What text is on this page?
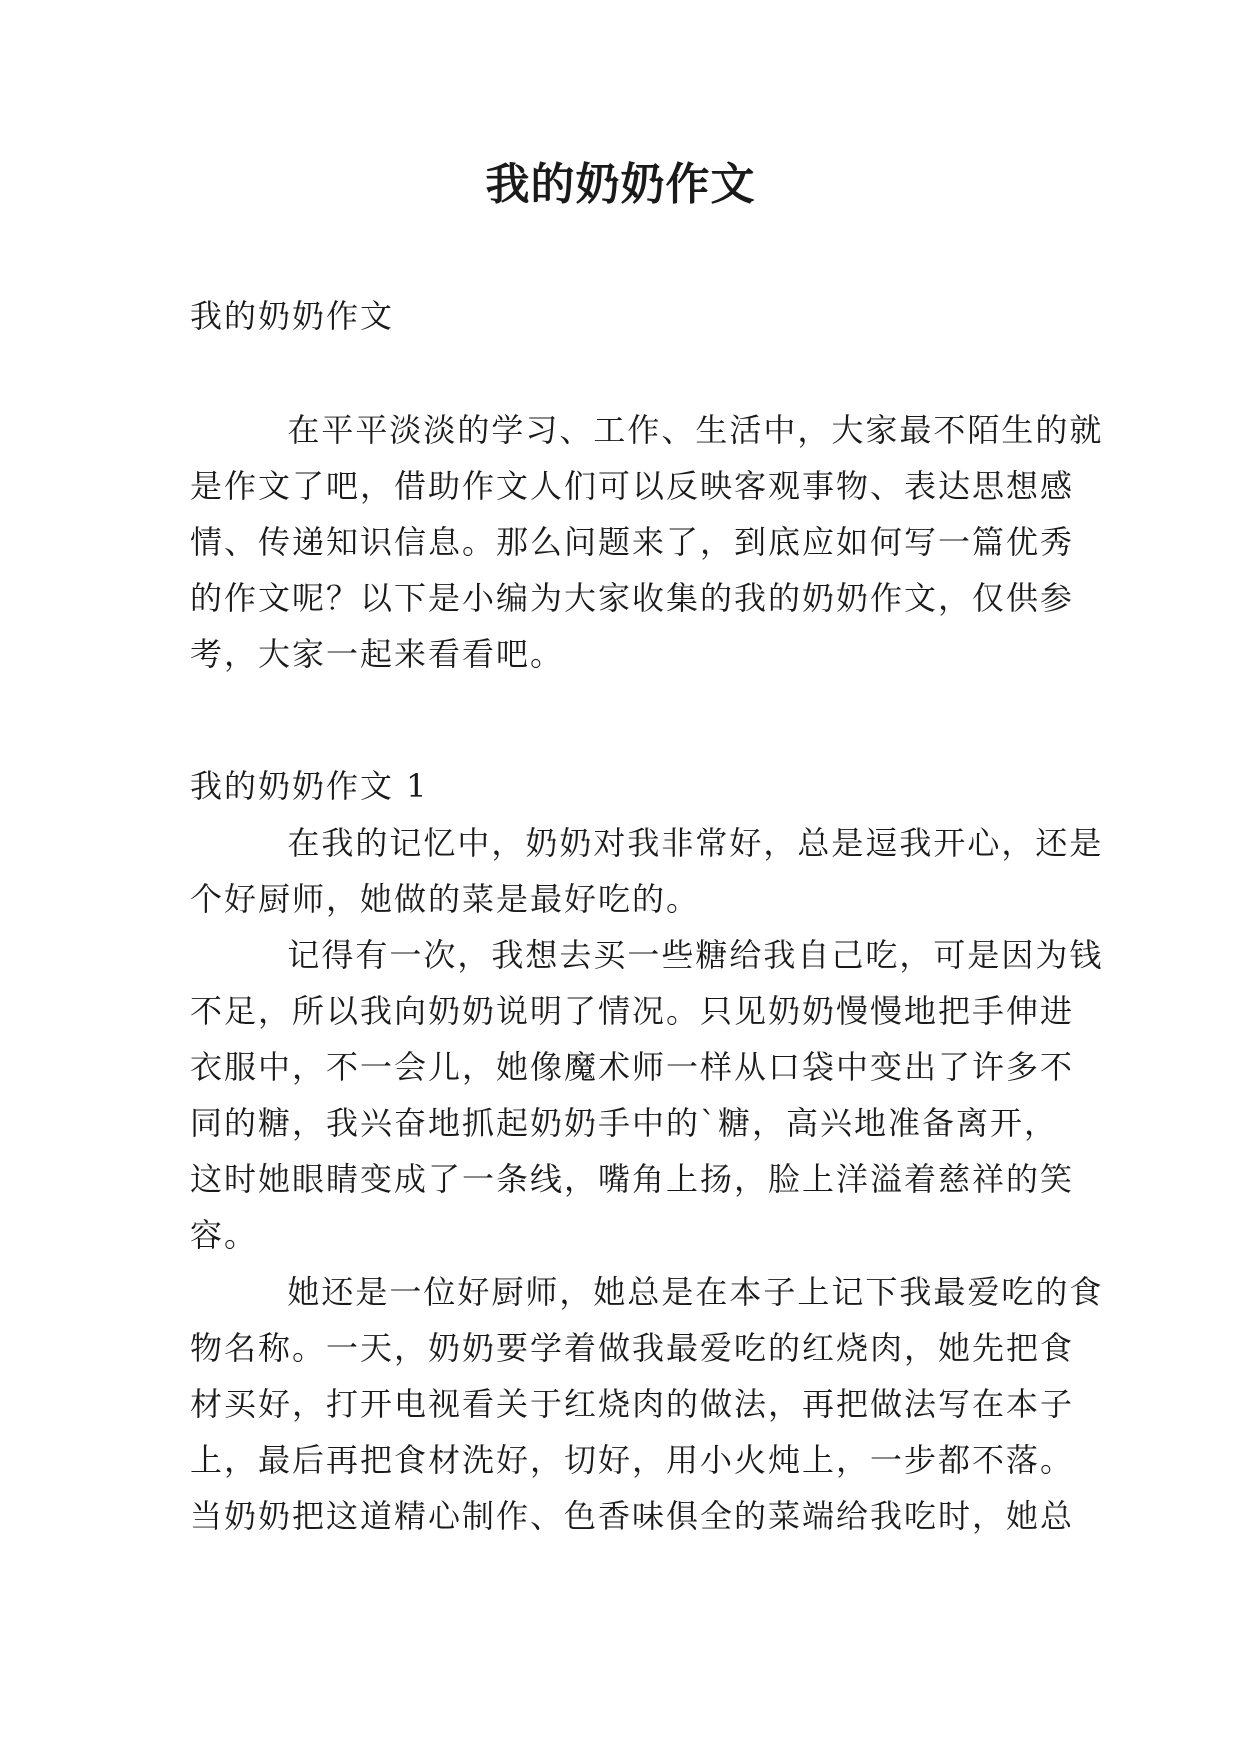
我的奶奶作文
我的奶奶作文
在平平淡淡的学习、工作、生活中，大家最不陌生的就
是作文了吧，借助作文人们可以反映客观事物、表达思想感
情、传递知识信息。那么问题来了，到底应如何写一篇优秀
的作文呢？以下是小编为大家收集的我的奶奶作文，仅供参
考，大家一起来看看吧。
我的奶奶作文 1
在我的记忆中，奶奶对我非常好，总是逗我开心，还是
个好厨师，她做的菜是最好吃的。
记得有一次，我想去买一些糖给我自己吃，可是因为钱
不足，所以我向奶奶说明了情况。只见奶奶慢慢地把手伸进
衣服中，不一会儿，她像魔术师一样从口袋中变出了许多不
同的糖，我兴奋地抓起奶奶手中的`糖，高兴地准备离开，
这时她眼睛变成了一条线，嘴角上扬，脸上洋溢着慈祥的笑
容。
她还是一位好厨师，她总是在本子上记下我最爱吃的食
物名称。一天，奶奶要学着做我最爱吃的红烧肉，她先把食
材买好，打开电视看关于红烧肉的做法，再把做法写在本子
上，最后再把食材洗好，切好，用小火炖上，一步都不落。
当奶奶把这道精心制作、色香味俱全的菜端给我吃时，她总
